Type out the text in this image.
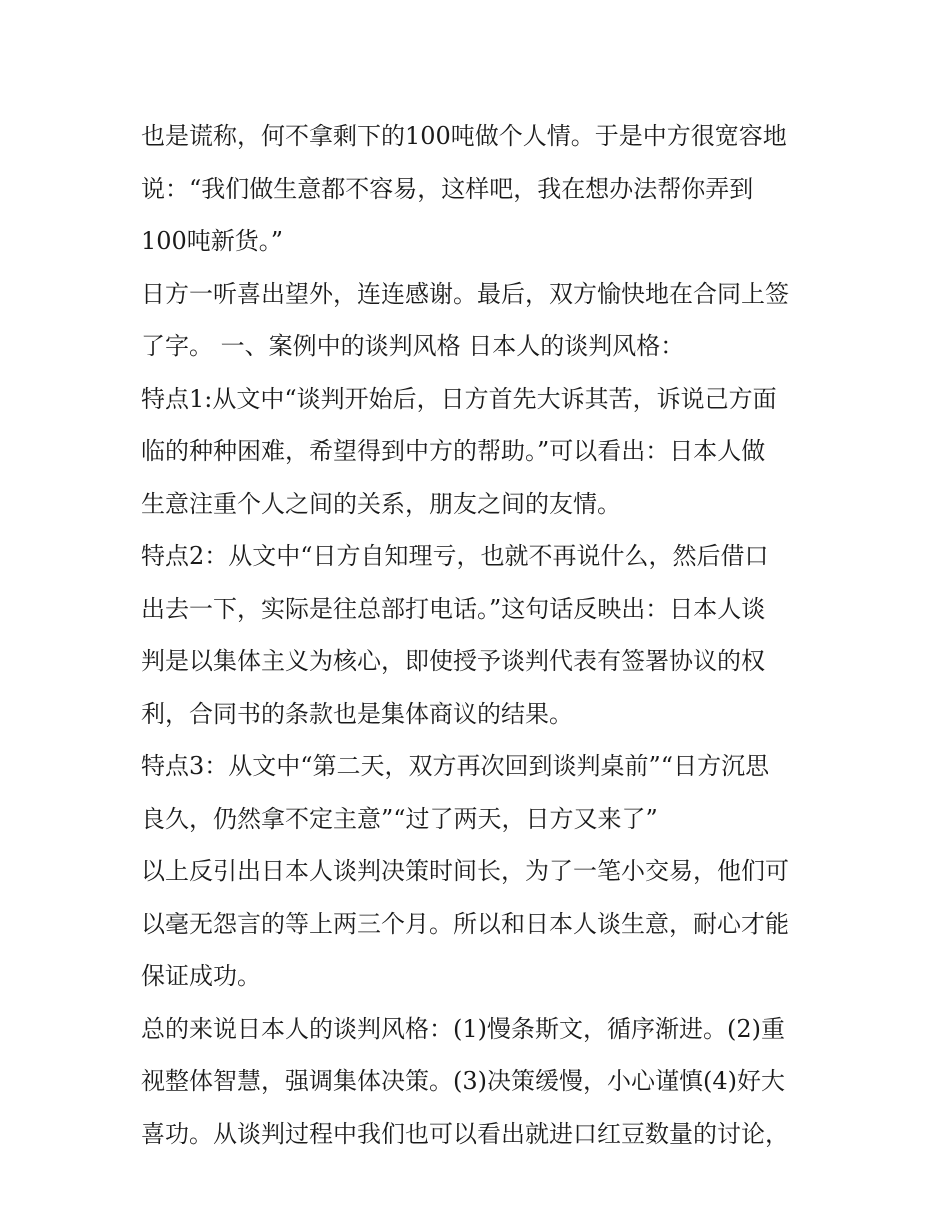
也是谎称，何不拿剩下的100吨做个人情。于是中方很宽容地
说：“我们做生意都不容易，这样吧，我在想办法帮你弄到
100吨新货。”
日方一听喜出望外，连连感谢。最后，双方愉快地在合同上签
了字。 一、案例中的谈判风格 日本人的谈判风格：
特点1:从文中“谈判开始后，日方首先大诉其苦，诉说己方面
临的种种困难，希望得到中方的帮助。”可以看出：日本人做
生意注重个人之间的关系，朋友之间的友情。
特点2：从文中“日方自知理亏，也就不再说什么，然后借口
出去一下，实际是往总部打电话。”这句话反映出：日本人谈
判是以集体主义为核心，即使授予谈判代表有签署协议的权
利，合同书的条款也是集体商议的结果。
特点3：从文中“第二天，双方再次回到谈判桌前”“日方沉思
良久，仍然拿不定主意”“过了两天，日方又来了”
以上反引出日本人谈判决策时间长，为了一笔小交易，他们可
以毫无怨言的等上两三个月。所以和日本人谈生意，耐心才能
保证成功。
总的来说日本人的谈判风格：(1)慢条斯文，循序渐进。(2)重
视整体智慧，强调集体决策。(3)决策缓慢，小心谨慎(4)好大
喜功。从谈判过程中我们也可以看出就进口红豆数量的讨论，
